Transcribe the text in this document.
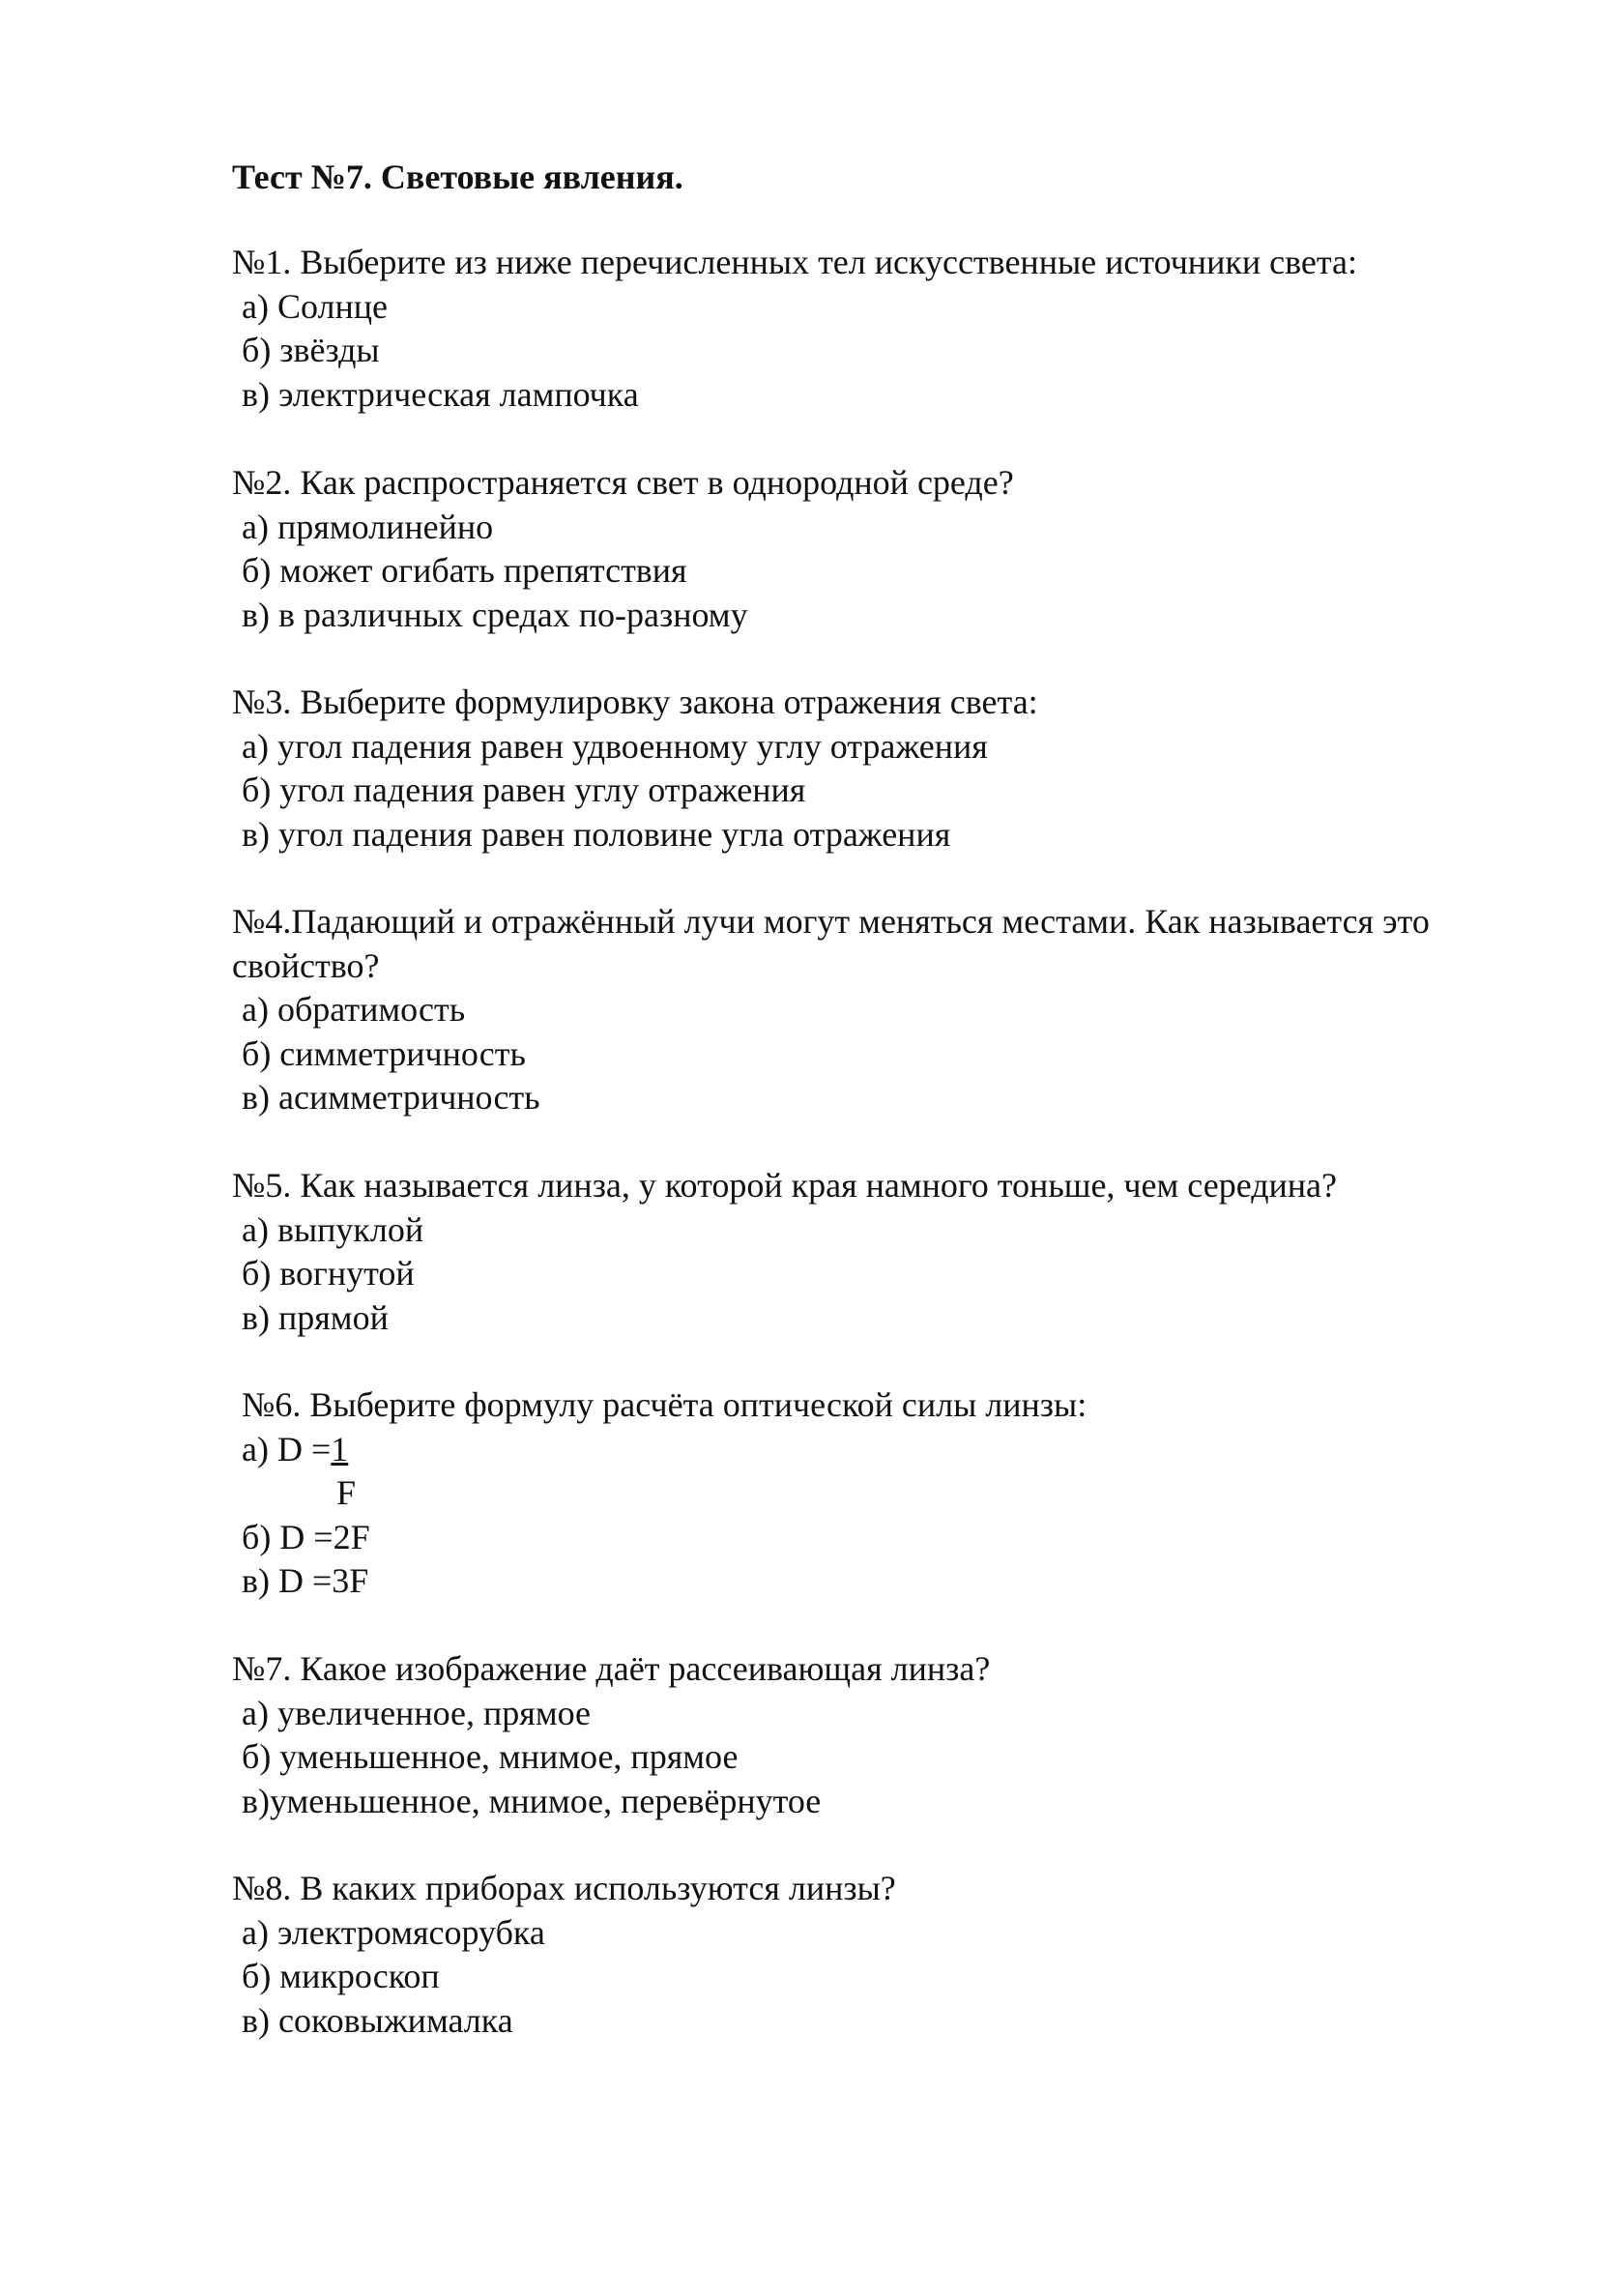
Тест №7. Световые явления.
№1. Выберите из ниже перечисленных тел искусственные источники света:
а) Солнце
б) звёзды
в) электрическая лампочка
№2. Как распространяется свет в однородной среде?
а) прямолинейно
б) может огибать препятствия
в) в различных средах по-разному
№3. Выберите формулировку закона отражения света:
а) угол падения равен удвоенному углу отражения
б) угол падения равен углу отражения
в) угол падения равен половине угла отражения
№4.Падающий и отражённый лучи могут меняться местами. Как называется это свойство?
а) обратимость
б) симметричность
в) асимметричность
№5. Как называется линза, у которой края намного тоньше, чем середина?
а) выпуклой
б) вогнутой
в) прямой
№6. Выберите формулу расчёта оптической силы линзы:
а) D =1
F
б) D =2F
в) D =3F
№7. Какое изображение даёт рассеивающая линза?
а) увеличенное, прямое
б) уменьшенное, мнимое, прямое
в)уменьшенное, мнимое, перевёрнутое
№8. В каких приборах используются линзы?
а) электромясорубка
б) микроскоп
в) соковыжималка
